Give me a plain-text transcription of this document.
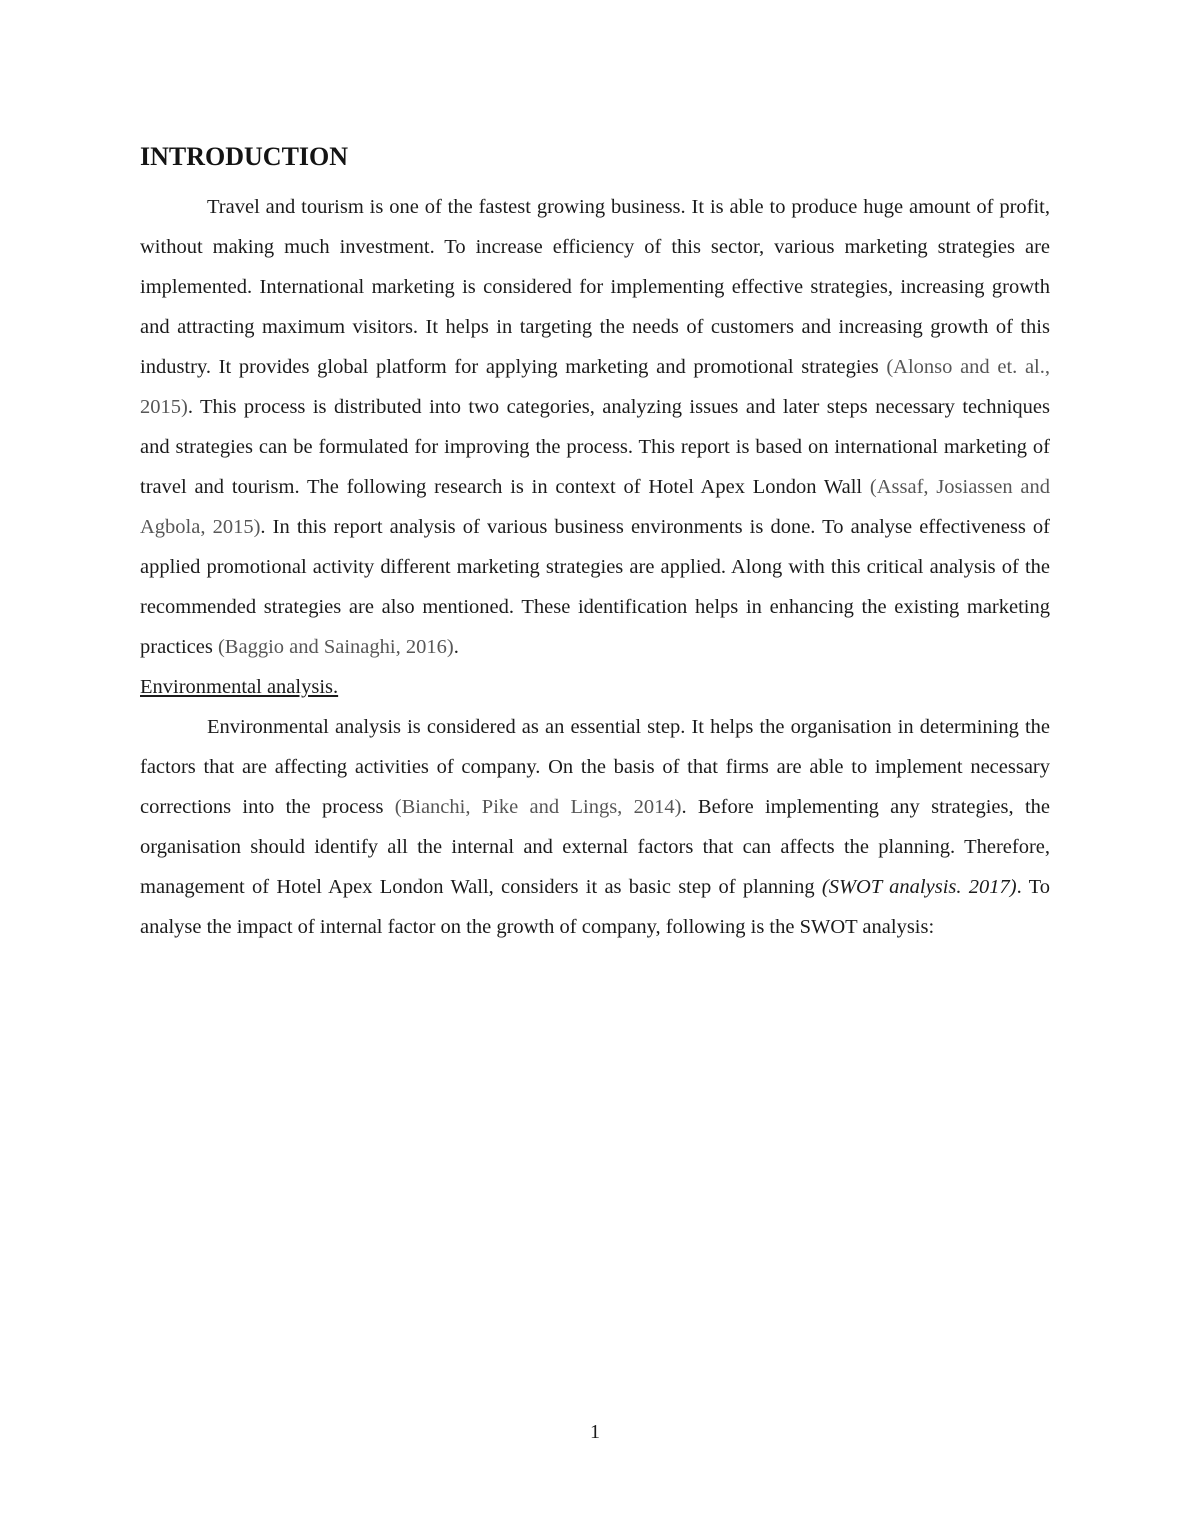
INTRODUCTION

Travel and tourism is one of the fastest growing business. It is able to produce huge amount of profit, without making much investment. To increase efficiency of this sector, various marketing strategies are implemented. International marketing is considered for implementing effective strategies, increasing growth and attracting maximum visitors. It helps in targeting the needs of customers and increasing growth of this industry. It provides global platform for applying marketing and promotional strategies (Alonso and et. al., 2015). This process is distributed into two categories, analyzing issues and later steps necessary techniques and strategies can be formulated for improving the process. This report is based on international marketing of travel and tourism. The following research is in context of Hotel Apex London Wall (Assaf, Josiassen and Agbola, 2015). In this report analysis of various business environments is done. To analyse effectiveness of applied promotional activity different marketing strategies are applied. Along with this critical analysis of the recommended strategies are also mentioned. These identification helps in enhancing the existing marketing practices (Baggio and Sainaghi, 2016).

Environmental analysis.

Environmental analysis is considered as an essential step. It helps the organisation in determining the factors that are affecting activities of company. On the basis of that firms are able to implement necessary corrections into the process (Bianchi, Pike and Lings, 2014). Before implementing any strategies, the organisation should identify all the internal and external factors that can affects the planning. Therefore, management of Hotel Apex London Wall, considers it as basic step of planning (SWOT analysis. 2017). To analyse the impact of internal factor on the growth of company, following is the SWOT analysis:

1
